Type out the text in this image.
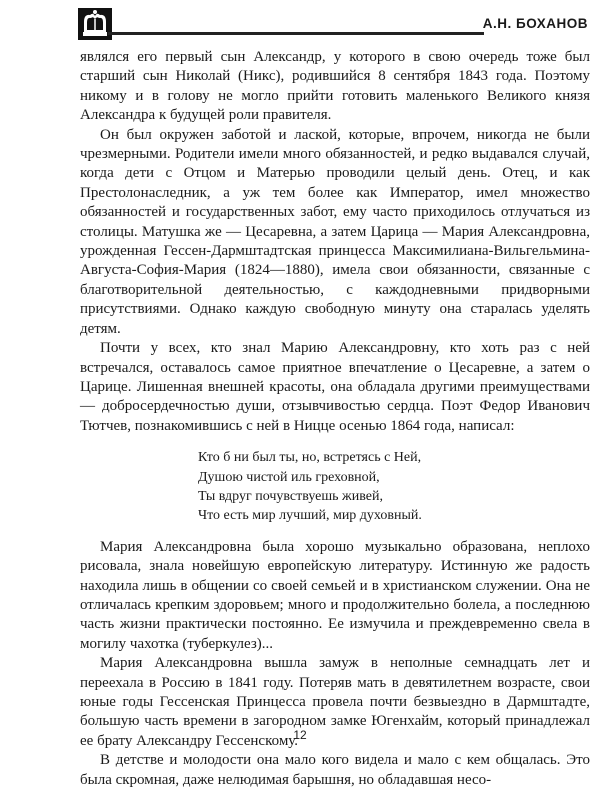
А.Н. БОХАНОВ

являлся его первый сын Александр, у которого в свою очередь тоже был старший сын Николай (Никс), родившийся 8 сентября 1843 года. Поэтому никому и в голову не могло прийти готовить маленького Великого князя Александра к будущей роли правителя.

Он был окружен заботой и лаской, которые, впрочем, никогда не были чрезмерными. Родители имели много обязанностей, и редко выдавался случай, когда дети с Отцом и Матерью проводили целый день. Отец, и как Престолонаследник, а уж тем более как Император, имел множество обязанностей и государственных забот, ему часто приходилось отлучаться из столицы. Матушка же — Цесаревна, а затем Царица — Мария Александровна, урожденная Гессен-Дармштадтская принцесса Максимилиана-Вильгельмина-Августа-София-Мария (1824—1880), имела свои обязанности, связанные с благотворительной деятельностью, с каждодневными придворными присутствиями. Однако каждую свободную минуту она старалась уделять детям.

Почти у всех, кто знал Марию Александровну, кто хоть раз с ней встречался, оставалось самое приятное впечатление о Цесаревне, а затем о Царице. Лишенная внешней красоты, она обладала другими преимуществами — добросердечностью души, отзывчивостью сердца. Поэт Федор Иванович Тютчев, познакомившись с ней в Ницце осенью 1864 года, написал:

Кто б ни был ты, но, встретясь с Ней,
Душою чистой иль греховной,
Ты вдруг почувствуешь живей,
Что есть мир лучший, мир духовный.

Мария Александровна была хорошо музыкально образована, неплохо рисовала, знала новейшую европейскую литературу. Истинную же радость находила лишь в общении со своей семьей и в христианском служении. Она не отличалась крепким здоровьем; много и продолжительно болела, а последнюю часть жизни практически постоянно. Ее измучила и преждевременно свела в могилу чахотка (туберкулез)...

Мария Александровна вышла замуж в неполные семнадцать лет и переехала в Россию в 1841 году. Потеряв мать в девятилетнем возрасте, свои юные годы Гессенская Принцесса провела почти безвыездно в Дармштадте, большую часть времени в загородном замке Югенхайм, который принадлежал ее брату Александру Гессенскому.

В детстве и молодости она мало кого видела и мало с кем общалась. Это была скромная, даже нелюдимая барышня, но обладавшая несо-

12
